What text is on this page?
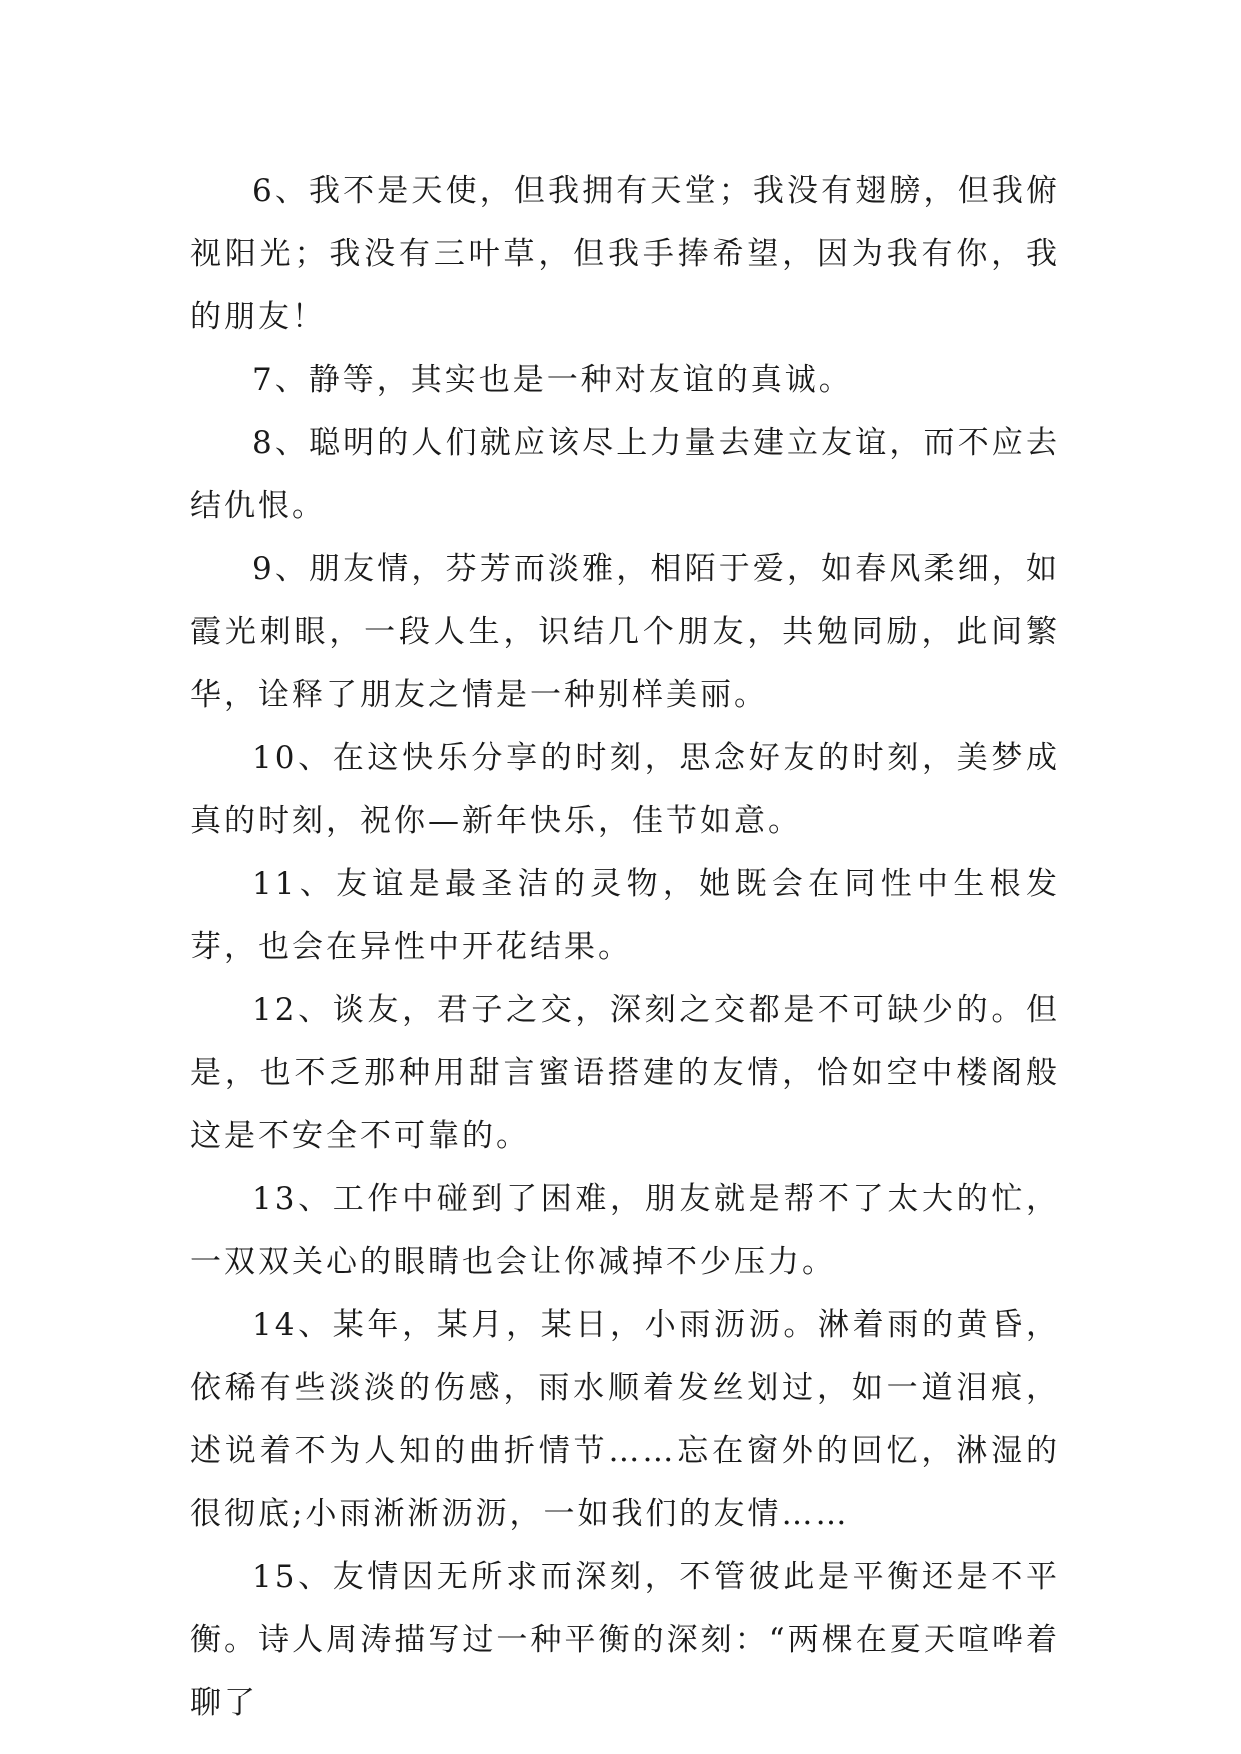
6、我不是天使，但我拥有天堂；我没有翅膀，但我俯视阳光；我没有三叶草，但我手捧希望，因为我有你，我的朋友！

7、静等，其实也是一种对友谊的真诚。

8、聪明的人们就应该尽上力量去建立友谊，而不应去结仇恨。

9、朋友情，芬芳而淡雅，相陌于爱，如春风柔细，如霞光刺眼，一段人生，识结几个朋友，共勉同励，此间繁华，诠释了朋友之情是一种别样美丽。

10、在这快乐分享的时刻，思念好友的时刻，美梦成真的时刻，祝你—新年快乐，佳节如意。

11、友谊是最圣洁的灵物，她既会在同性中生根发芽，也会在异性中开花结果。

12、谈友，君子之交，深刻之交都是不可缺少的。但是，也不乏那种用甜言蜜语搭建的友情，恰如空中楼阁般这是不安全不可靠的。

13、工作中碰到了困难，朋友就是帮不了太大的忙，一双双关心的眼睛也会让你减掉不少压力。

14、某年，某月，某日，小雨沥沥。淋着雨的黄昏，依稀有些淡淡的伤感，雨水顺着发丝划过，如一道泪痕，述说着不为人知的曲折情节……忘在窗外的回忆，淋湿的很彻底;小雨淅淅沥沥，一如我们的友情……

15、友情因无所求而深刻，不管彼此是平衡还是不平衡。诗人周涛描写过一种平衡的深刻：“两棵在夏天喧哗着聊了
